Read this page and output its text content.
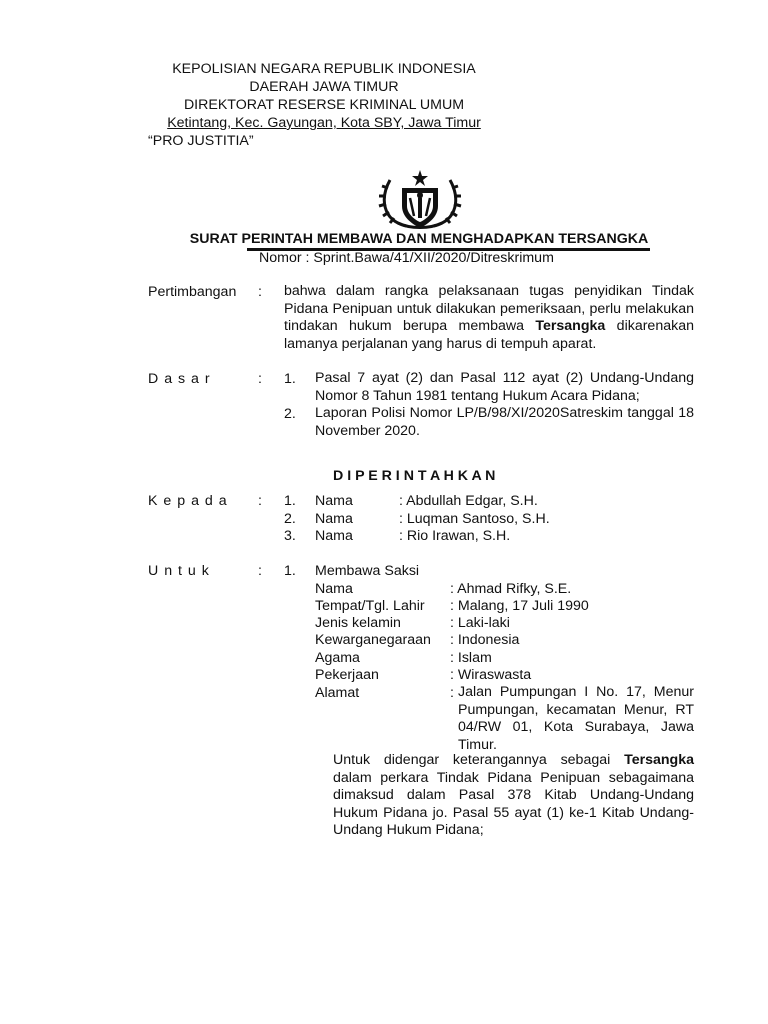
KEPOLISIAN NEGARA REPUBLIK INDONESIA
DAERAH JAWA TIMUR
DIREKTORAT RESERSE KRIMINAL UMUM
Ketintang, Kec. Gayungan, Kota SBY, Jawa Timur
“PRO JUSTITIA”
SURAT PERINTAH MEMBAWA DAN MENGHADAPKAN TERSANGKA
Nomor : Sprint.Bawa/41/XII/2020/Ditreskrimum
Pertimbangan : bahwa dalam rangka pelaksanaan tugas penyidikan Tindak Pidana Penipuan untuk dilakukan pemeriksaan, perlu melakukan tindakan hukum berupa membawa Tersangka dikarenakan lamanya perjalanan yang harus di tempuh aparat.
D a s a r	: 1. Pasal 7 ayat (2) dan Pasal 112 ayat (2) Undang-Undang Nomor 8 Tahun 1981 tentang Hukum Acara Pidana;
2. Laporan Polisi Nomor LP/B/98/XI/2020Satreskim tanggal 18 November 2020.
D I P E R I N T A H K A N
K e p a d a : 1. Nama	: Abdullah Edgar, S.H.
2. Nama	: Luqman Santoso, S.H.
3. Nama	: Rio Irawan, S.H.
U n t u k	: 1. Membawa Saksi
Nama	: Ahmad Rifky, S.E.
Tempat/Tgl. Lahir : Malang, 17 Juli 1990
Jenis kelamin	: Laki-laki
Kewarganegaraan : Indonesia
Agama	: Islam
Pekerjaan	: Wiraswasta
Alamat	: Jalan Pumpungan I No. 17, Menur Pumpungan, kecamatan Menur, RT 04/RW 01, Kota Surabaya, Jawa Timur.
Untuk didengar keterangannya sebagai Tersangka dalam perkara Tindak Pidana Penipuan sebagaimana dimaksud dalam Pasal 378 Kitab Undang-Undang Hukum Pidana jo. Pasal 55 ayat (1) ke-1 Kitab Undang-Undang Hukum Pidana;
